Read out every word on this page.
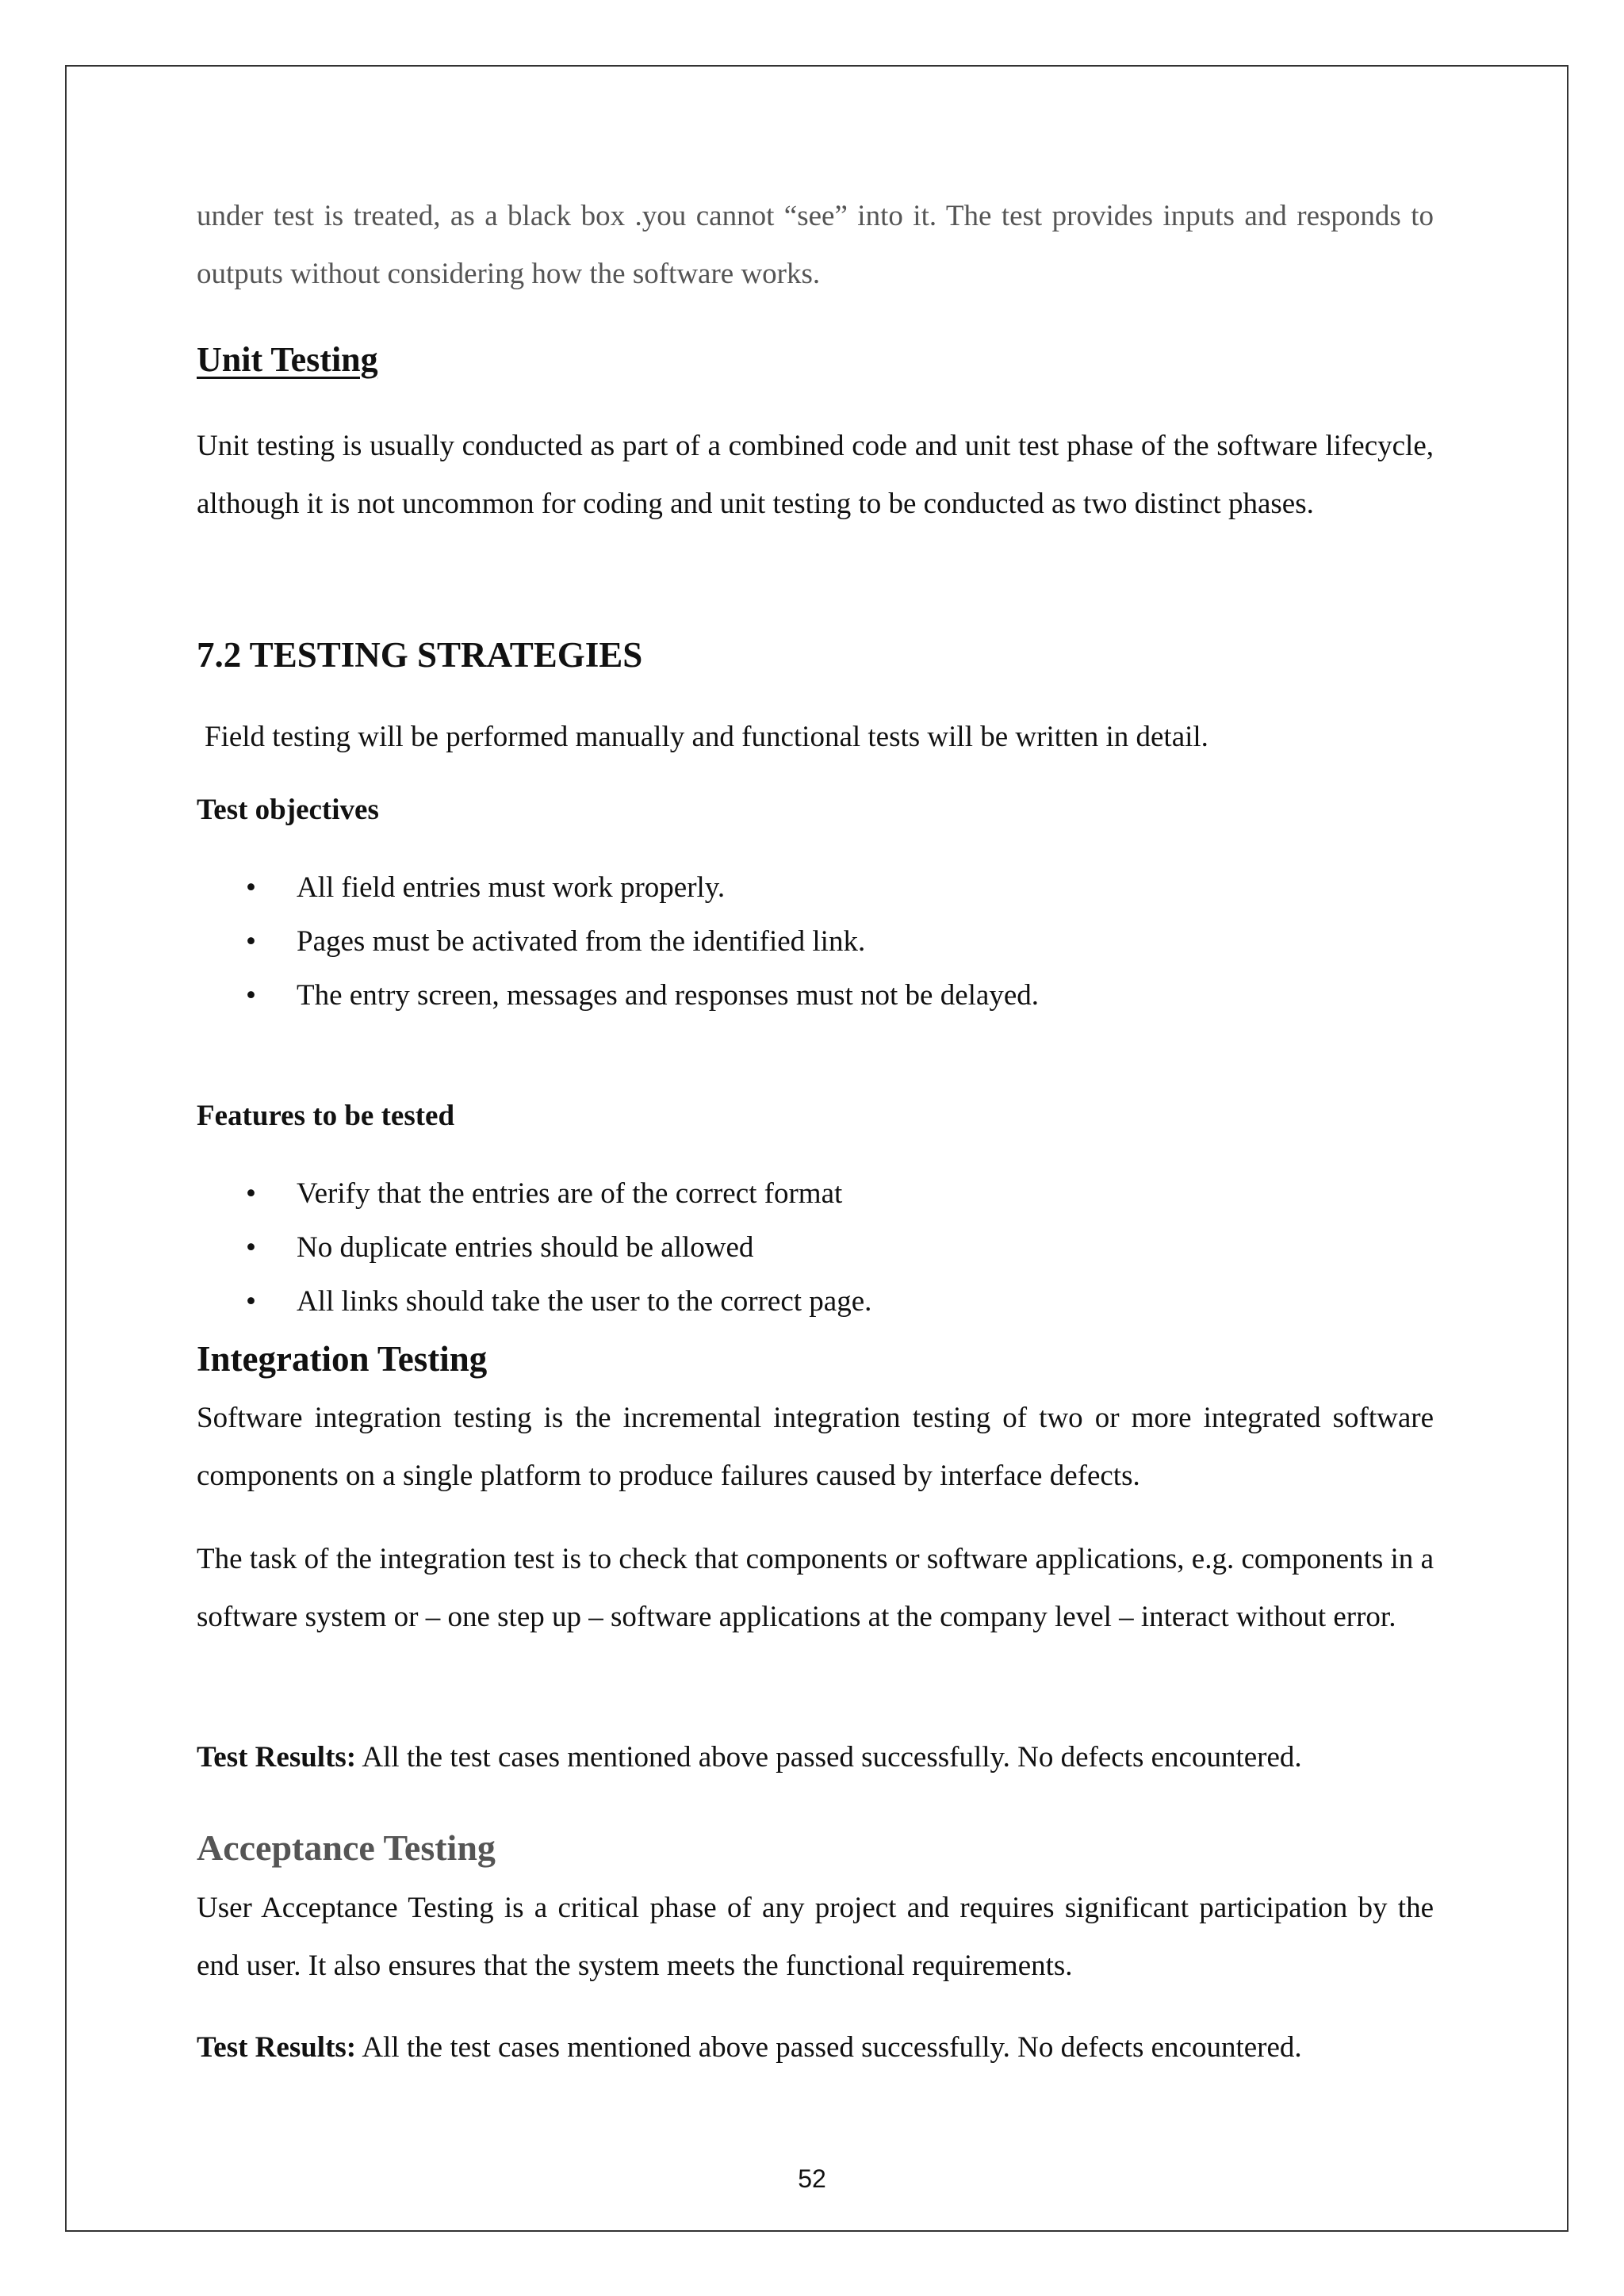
under test is treated, as a black box .you cannot “see” into it. The test provides inputs and responds to outputs without considering how the software works.

Unit Testing

Unit testing is usually conducted as part of a combined code and unit test phase of the software lifecycle, although it is not uncommon for coding and unit testing to be conducted as two distinct phases.

7.2 TESTING STRATEGIES

Field testing will be performed manually and functional tests will be written in detail.

Test objectives
• All field entries must work properly.
• Pages must be activated from the identified link.
• The entry screen, messages and responses must not be delayed.
Features to be tested
• Verify that the entries are of the correct format
• No duplicate entries should be allowed
• All links should take the user to the correct page.
Integration Testing

Software integration testing is the incremental integration testing of two or more integrated software components on a single platform to produce failures caused by interface defects.

The task of the integration test is to check that components or software applications, e.g. components in a software system or – one step up – software applications at the company level – interact without error.

Test Results: All the test cases mentioned above passed successfully. No defects encountered.

Acceptance Testing

User Acceptance Testing is a critical phase of any project and requires significant participation by the end user. It also ensures that the system meets the functional requirements.

Test Results: All the test cases mentioned above passed successfully. No defects encountered.

52
